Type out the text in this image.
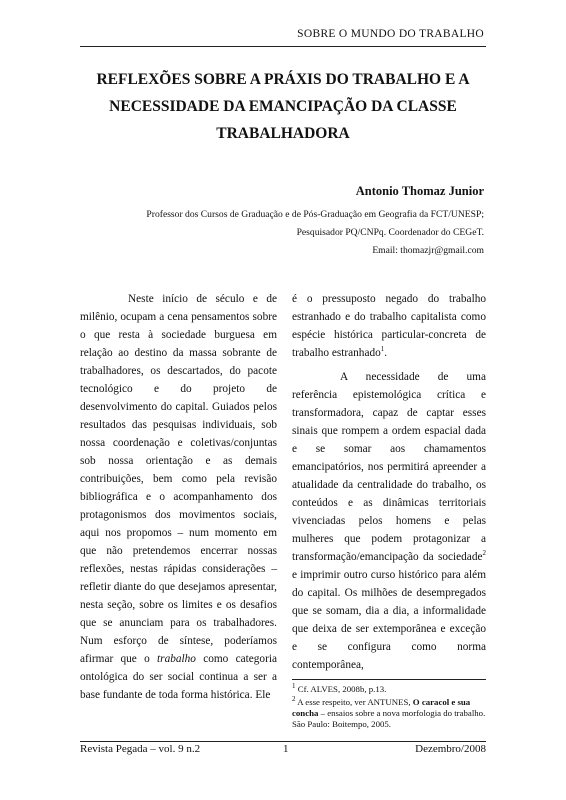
SOBRE O MUNDO DO TRABALHO
REFLEXÕES SOBRE A PRÁXIS DO TRABALHO E A NECESSIDADE DA EMANCIPAÇÃO DA CLASSE TRABALHADORA
Antonio Thomaz Junior
Professor dos Cursos de Graduação e de Pós-Graduação em Geografia da FCT/UNESP;
Pesquisador PQ/CNPq. Coordenador do CEGeT.
Email: thomazjr@gmail.com

Neste início de século e de milênio, ocupam a cena pensamentos sobre o que resta à sociedade burguesa em relação ao destino da massa sobrante de trabalhadores, os descartados, do pacote tecnológico e do projeto de desenvolvimento do capital. Guiados pelos resultados das pesquisas individuais, sob nossa coordenação e coletivas/conjuntas sob nossa orientação e as demais contribuições, bem como pela revisão bibliográfica e o acompanhamento dos protagonismos dos movimentos sociais, aqui nos propomos – num momento em que não pretendemos encerrar nossas reflexões, nestas rápidas considerações – refletir diante do que desejamos apresentar, nesta seção, sobre os limites e os desafios que se anunciam para os trabalhadores. Num esforço de síntese, poderíamos afirmar que o trabalho como categoria ontológica do ser social continua a ser a base fundante de toda forma histórica. Ele

é o pressuposto negado do trabalho estranhado e do trabalho capitalista como espécie histórica particular-concreta de trabalho estranhado$^1$.

A necessidade de uma referência epistemológica crítica e transformadora, capaz de captar esses sinais que rompem a ordem espacial dada e se somar aos chamamentos emancipatórios, nos permitirá apreender a atualidade da centralidade do trabalho, os conteúdos e as dinâmicas territoriais vivenciadas pelos homens e pelas mulheres que podem protagonizar a transformação/emancipação da sociedade$^2$ e imprimir outro curso histórico para além do capital. Os milhões de desempregados que se somam, dia a dia, a informalidade que deixa de ser extemporânea e exceção e se configura como norma contemporânea,

$^1$ Cf. ALVES, 2008b, p.13.
$^2$ A esse respeito, ver ANTUNES, O caracol e sua concha – ensaios sobre a nova morfologia do trabalho. São Paulo: Boitempo, 2005.
Revista Pegada – vol. 9 n.2	1	Dezembro/2008
